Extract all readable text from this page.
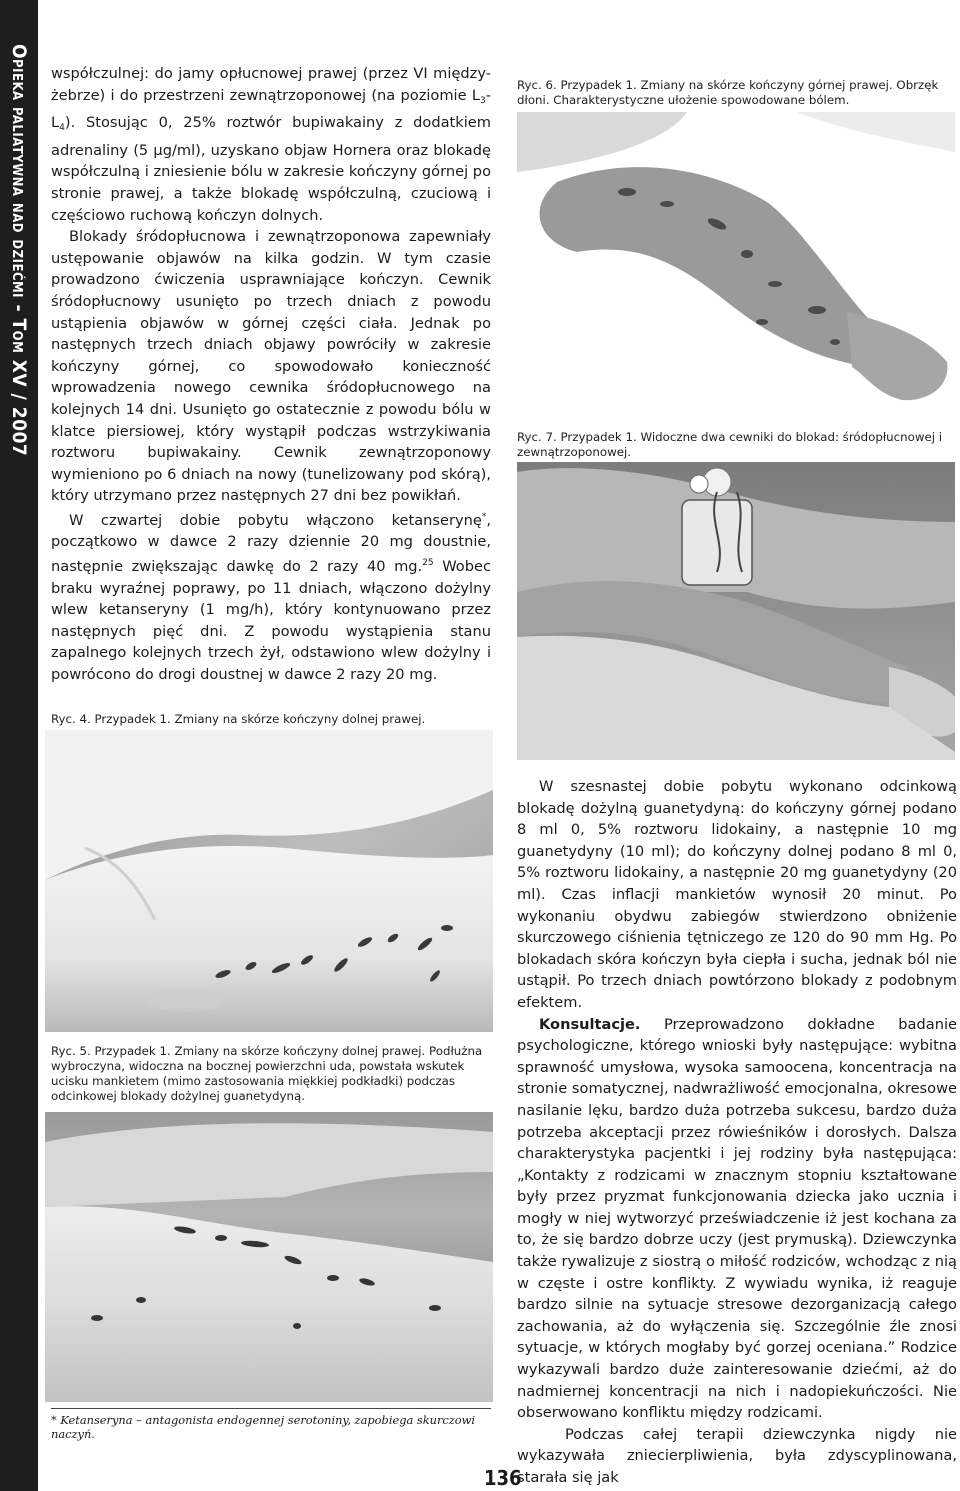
Opieka paliatywna nad dziećmi - Tom XV / 2007 współczulnej: do jamy opłucnowej prawej (przez VI między-żebrze) i do przestrzeni zewnątrzoponowej (na poziomie $L_3-L_4$). Stosując 0, 25% roztwór bupiwakainy z dodatkiem adrenaliny (5 μg/ml), uzyskano objaw Hornera oraz blokadę współczulną i zniesienie bólu w zakresie kończyny górnej po stronie prawej, a także blokadę współczulną, czuciową i częściowo ruchową kończyn dolnych.

Blokady śródopłucnowa i zewnątrzoponowa zapewniały ustępowanie objawów na kilka godzin. W tym czasie prowadzono ćwiczenia usprawniające kończyn. Cewnik śródopłucnowy usunięto po trzech dniach z powodu ustąpienia objawów w górnej części ciała. Jednak po następnych trzech dniach objawy powróciły w zakresie kończyny górnej, co spowodowało konieczność wprowadzenia nowego cewnika śródopłucnowego na kolejnych 14 dni. Usunięto go ostatecznie z powodu bólu w klatce piersiowej, który wystąpił podczas wstrzykiwania roztworu bupiwakainy. Cewnik zewnątrzoponowy wymieniono po 6 dniach na nowy (tunelizowany pod skórą), który utrzymano przez następnych 27 dni bez powikłań.

W czwartej dobie pobytu włączono ketanserynę*, początkowo w dawce 2 razy dziennie 20 mg doustnie, następnie zwiększając dawkę do 2 razy 40 mg.$^{25}$ Wobec braku wyraźnej poprawy, po 11 dniach, włączono dożylny wlew ketanseryny (1 mg/h), który kontynuowano przez następnych pięć dni. Z powodu wystąpienia stanu zapalnego kolejnych trzech żył, odstawiono wlew dożylny i powrócono do drogi doustnej w dawce 2 razy 20 mg.

Ryc. 4. Przypadek 1. Zmiany na skórze kończyny dolnej prawej.
Ryc. 5. Przypadek 1. Zmiany na skórze kończyny dolnej prawej. Podłużna wybroczyna, widoczna na bocznej powierzchni uda, powstała wskutek ucisku mankietem (mimo zastosowania miękkiej podkładki) podczas odcinkowej blokady dożylnej guanetydyną.
* Ketanseryna – antagonista endogennej serotoniny, zapobiega skurczowi naczyń.
136
Ryc. 6. Przypadek 1. Zmiany na skórze kończyny górnej prawej. Obrzęk dłoni. Charakterystyczne ułożenie spowodowane bólem.
Ryc. 7. Przypadek 1. Widoczne dwa cewniki do blokad: śródopłucnowej i zewnątrzoponowej.

W szesnastej dobie pobytu wykonano odcinkową blokadę dożylną guanetydyną: do kończyny górnej podano 8 ml 0, 5% roztworu lidokainy, a następnie 10 mg guanetydyny (10 ml); do kończyny dolnej podano 8 ml 0, 5% roztworu lidokainy, a następnie 20 mg guanetydyny (20 ml). Czas inflacji mankietów wynosił 20 minut. Po wykonaniu obydwu zabiegów stwierdzono obniżenie skurczowego ciśnienia tętniczego ze 120 do 90 mm Hg. Po blokadach skóra kończyn była ciepła i sucha, jednak ból nie ustąpił. Po trzech dniach powtórzono blokady z podobnym efektem.

Konsultacje. Przeprowadzono dokładne badanie psychologiczne, którego wnioski były następujące: wybitna sprawność umysłowa, wysoka samoocena, koncentracja na stronie somatycznej, nadwrażliwość emocjonalna, okresowe nasilanie lęku, bardzo duża potrzeba sukcesu, bardzo duża potrzeba akceptacji przez rówieśników i dorosłych. Dalsza charakterystyka pacjentki i jej rodziny była następująca: „Kontakty z rodzicami w znacznym stopniu kształtowane były przez pryzmat funkcjonowania dziecka jako ucznia i mogły w niej wytworzyć przeświadczenie iż jest kochana za to, że się bardzo dobrze uczy (jest prymuską). Dziewczynka także rywalizuje z siostrą o miłość rodziców, wchodząc z nią w częste i ostre konflikty. Z wywiadu wynika, iż reaguje bardzo silnie na sytuacje stresowe dezorganizacją całego zachowania, aż do wyłączenia się. Szczególnie źle znosi sytuacje, w których mogłaby być gorzej oceniana.” Rodzice wykazywali bardzo duże zainteresowanie dziećmi, aż do nadmiernej koncentracji na nich i nadopiekuńczości. Nie obserwowano konfliktu między rodzicami.

Podczas całej terapii dziewczynka nigdy nie wykazywała zniecierpliwienia, była zdyscyplinowana, starała się jak
